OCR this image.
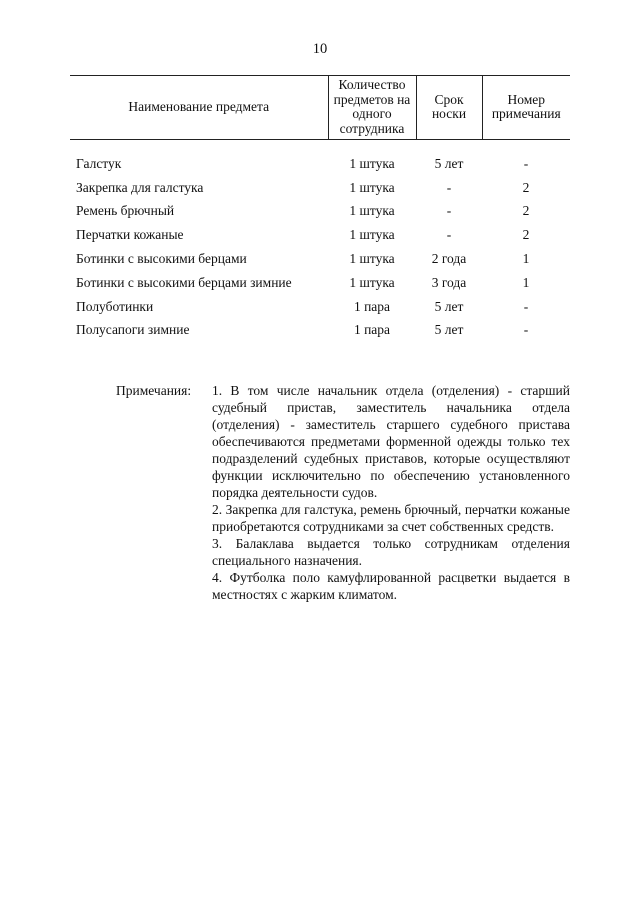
10
Наименование предмета	Количество предметов на одного сотрудника	Срок носки	Номер примечания
Галстук	1 штука	5 лет	-
Закрепка для галстука	1 штука	-	2
Ремень брючный	1 штука	-	2
Перчатки кожаные	1 штука	-	2
Ботинки с высокими берцами	1 штука	2 года	1
Ботинки с высокими берцами зимние	1 штука	3 года	1
Полуботинки	1 пара	5 лет	-
Полусапоги зимние	1 пара	5 лет	-
Примечания:	1. В том числе начальник отдела (отделения) - старший судебный пристав, заместитель начальника отдела (отделения) - заместитель старшего судебного пристава обеспечиваются предметами форменной одежды только тех подразделений судебных приставов, которые осуществляют функции исключительно по обеспечению установленного порядка деятельности судов.
2. Закрепка для галстука, ремень брючный, перчатки кожаные приобретаются сотрудниками за счет собственных средств.
3. Балаклава выдается только сотрудникам отделения специального назначения.
4. Футболка поло камуфлированной расцветки выдается в местностях с жарким климатом.
